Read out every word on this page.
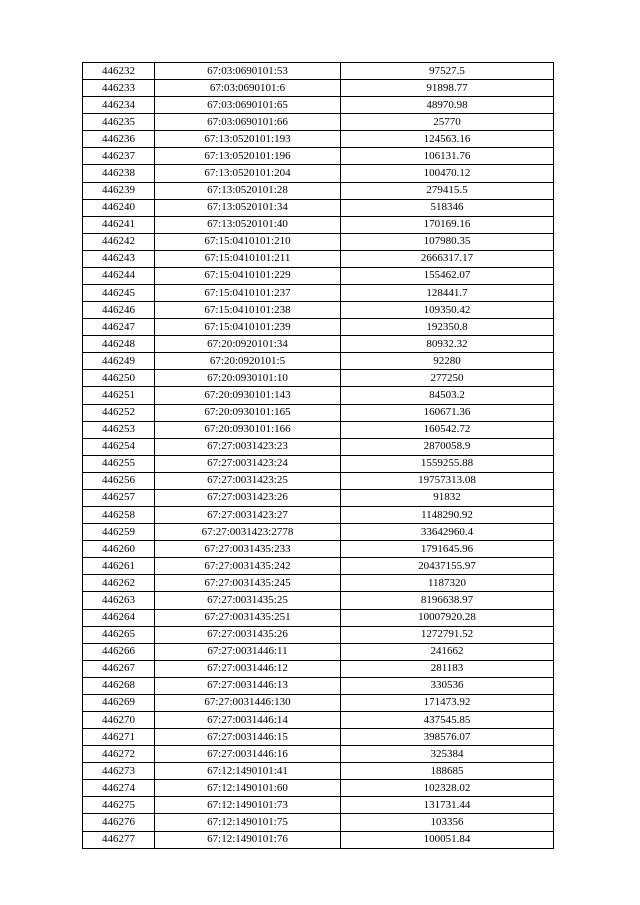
446232	67:03:0690101:53	97527.5
446233	67:03:0690101:6	91898.77
446234	67:03:0690101:65	48970.98
446235	67:03:0690101:66	25770
446236	67:13:0520101:193	124563.16
446237	67:13:0520101:196	106131.76
446238	67:13:0520101:204	100470.12
446239	67:13:0520101:28	279415.5
446240	67:13:0520101:34	518346
446241	67:13:0520101:40	170169.16
446242	67:15:0410101:210	107980.35
446243	67:15:0410101:211	2666317.17
446244	67:15:0410101:229	155462.07
446245	67:15:0410101:237	128441.7
446246	67:15:0410101:238	109350.42
446247	67:15:0410101:239	192350.8
446248	67:20:0920101:34	80932.32
446249	67:20:0920101:5	92280
446250	67:20:0930101:10	277250
446251	67:20:0930101:143	84503.2
446252	67:20:0930101:165	160671.36
446253	67:20:0930101:166	160542.72
446254	67:27:0031423:23	2870058.9
446255	67:27:0031423:24	1559255.88
446256	67:27:0031423:25	19757313.08
446257	67:27:0031423:26	91832
446258	67:27:0031423:27	1148290.92
446259	67:27:0031423:2778	33642960.4
446260	67:27:0031435:233	1791645.96
446261	67:27:0031435:242	20437155.97
446262	67:27:0031435:245	1187320
446263	67:27:0031435:25	8196638.97
446264	67:27:0031435:251	10007920.28
446265	67:27:0031435:26	1272791.52
446266	67:27:0031446:11	241662
446267	67:27:0031446:12	281183
446268	67:27:0031446:13	330536
446269	67:27:0031446:130	171473.92
446270	67:27:0031446:14	437545.85
446271	67:27:0031446:15	398576.07
446272	67:27:0031446:16	325384
446273	67:12:1490101:41	188685
446274	67:12:1490101:60	102328.02
446275	67:12:1490101:73	131731.44
446276	67:12:1490101:75	103356
446277	67:12:1490101:76	100051.84
